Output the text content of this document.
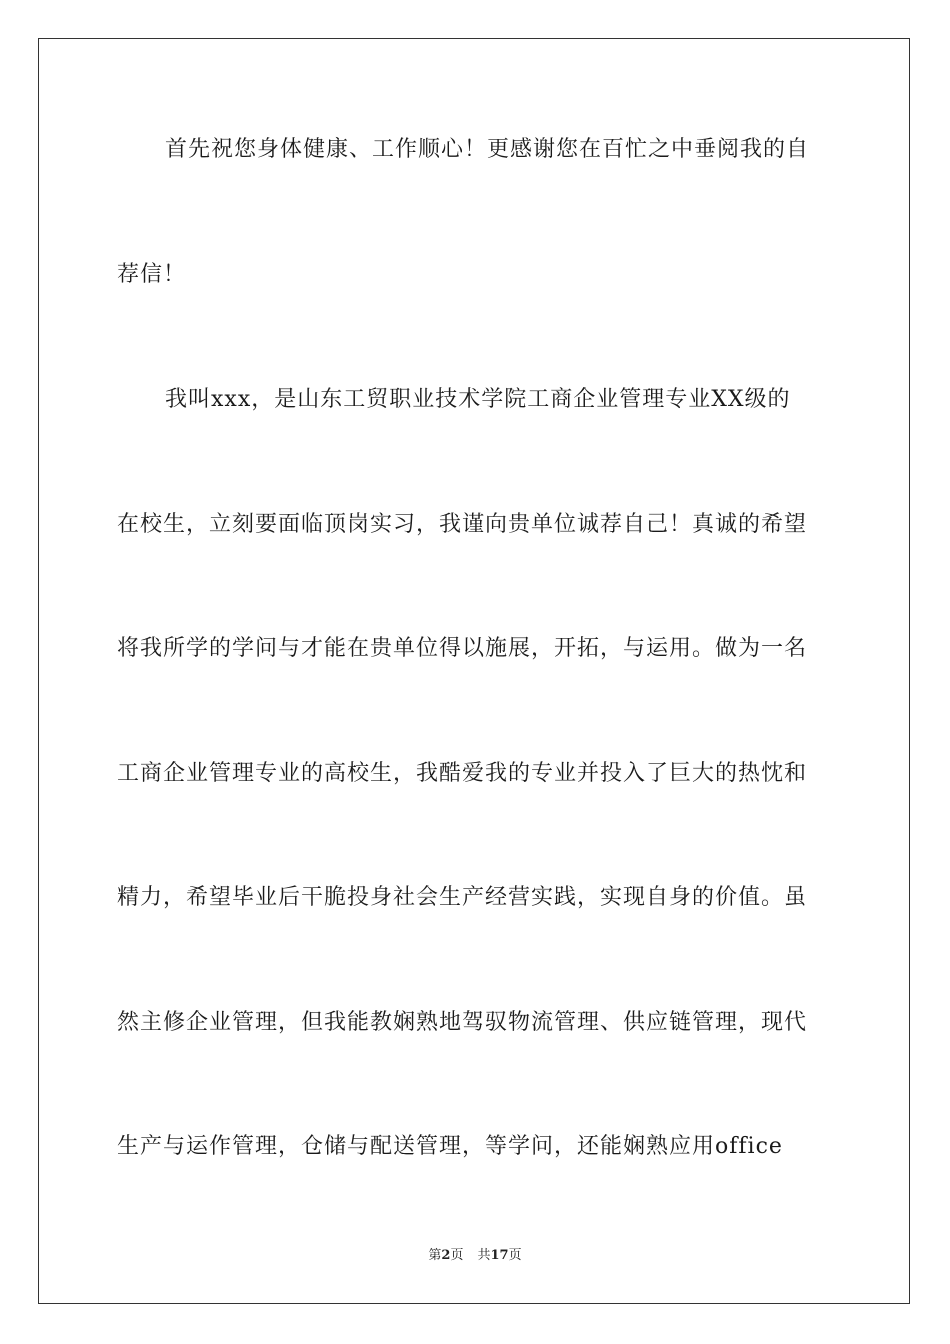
首先祝您身体健康、工作顺心！更感谢您在百忙之中垂阅我的自
荐信！
我叫xxx，是山东工贸职业技术学院工商企业管理专业XX级的
在校生，立刻要面临顶岗实习，我谨向贵单位诚荐自己！真诚的希望
将我所学的学问与才能在贵单位得以施展，开拓，与运用。做为一名
工商企业管理专业的高校生，我酷爱我的专业并投入了巨大的热忱和
精力，希望毕业后干脆投身社会生产经营实践，实现自身的价值。虽
然主修企业管理，但我能教娴熟地驾驭物流管理、供应链管理，现代
生产与运作管理，仓储与配送管理，等学问，还能娴熟应用office
第2页 共17页
